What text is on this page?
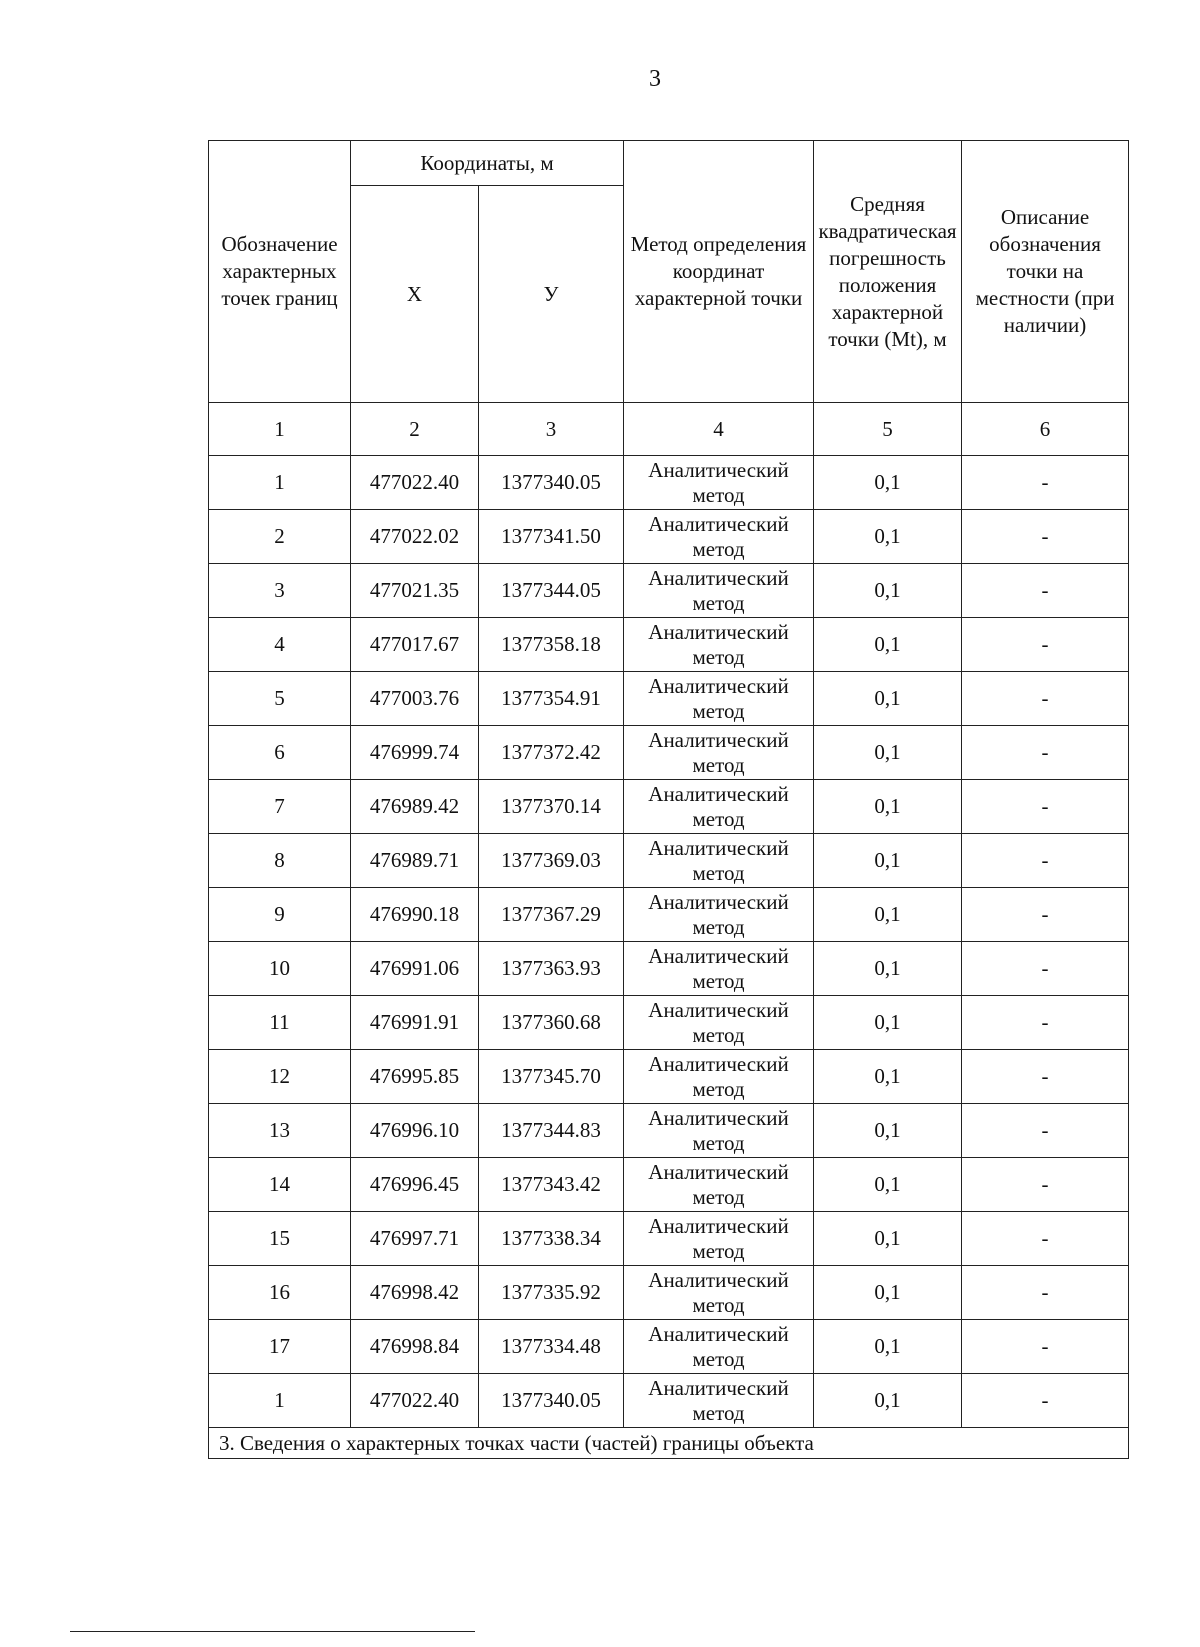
3
Обозначение характерных точек границ	Координаты, м		Метод определения координат характерной точки	Средняя квадратическая погрешность положения характерной точки (Mt), м	Описание обозначения точки на местности (при наличии)
	X	У			
1	2	3	4	5	6
1	477022.40	1377340.05	Аналитический метод	0,1	-
2	477022.02	1377341.50	Аналитический метод	0,1	-
3	477021.35	1377344.05	Аналитический метод	0,1	-
4	477017.67	1377358.18	Аналитический метод	0,1	-
5	477003.76	1377354.91	Аналитический метод	0,1	-
6	476999.74	1377372.42	Аналитический метод	0,1	-
7	476989.42	1377370.14	Аналитический метод	0,1	-
8	476989.71	1377369.03	Аналитический метод	0,1	-
9	476990.18	1377367.29	Аналитический метод	0,1	-
10	476991.06	1377363.93	Аналитический метод	0,1	-
11	476991.91	1377360.68	Аналитический метод	0,1	-
12	476995.85	1377345.70	Аналитический метод	0,1	-
13	476996.10	1377344.83	Аналитический метод	0,1	-
14	476996.45	1377343.42	Аналитический метод	0,1	-
15	476997.71	1377338.34	Аналитический метод	0,1	-
16	476998.42	1377335.92	Аналитический метод	0,1	-
17	476998.84	1377334.48	Аналитический метод	0,1	-
1	477022.40	1377340.05	Аналитический метод	0,1	-
3. Сведения о характерных точках части (частей) границы объекта					
